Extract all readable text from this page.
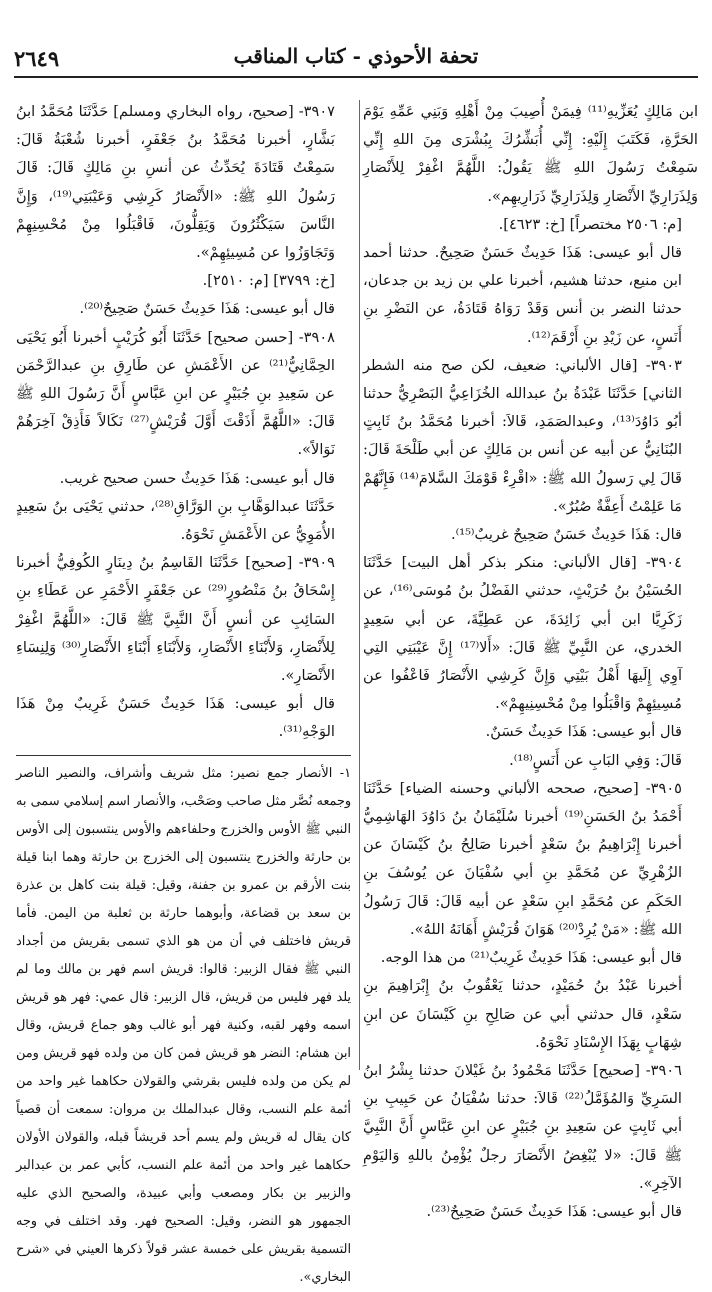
تحفة الأحوذي - كتاب المناقب
٢٦٤٩

ابن مَالِكٍ يُعَزِّيهِ⁽¹¹⁾ فِيمَنْ أُصِيبَ مِنْ أَهْلِهِ وَبَنِي عَمِّهِ يَوْمَ الحَرَّةِ، فَكَتَبَ إِلَيْهِ: إِنِّي أُبَشِّرُكَ بِبُشْرَى مِنَ اللهِ إِنِّي سَمِعْتُ رَسُولَ اللهِ ﷺ يَقُولُ: اللَّهُمَّ اغْفِرْ لِلأَنْصَارِ وَلِذَرَارِيِّ الأَنْصَارِ وَلِذَرَارِيِّ ذَرَارِيهِم».

[م: ٢٥٠٦ مختصراً] [خ: ٤٦٢٣].

قال أبو عيسى: هَذَا حَدِيثٌ حَسَنٌ صَحِيحٌ. حدثنا أحمد ابن منيع، حدثنا هشيم، أخبرنا علي بن زيد بن جدعان، حدثنا النضر بن أنس وَقَدْ رَوَاهُ قَتَادَةُ، عن النَضْرِ بنِ أَنَسٍ، عن زَيْدِ بنِ أَرْقَمَ⁽¹²⁾.

٣٩٠٣- [قال الألباني: ضعيف، لكن صح منه الشطر الثاني] حَدَّثَنَا عَبْدَةُ بنُ عبدالله الخُزَاعِيُّ البَصْرِيُّ حدثنا أبُو دَاوُدَ⁽¹³⁾، وعبدالصَمَدِ، قَالاَ: أخبرنا مُحَمَّدُ بنُ ثَابِتٍ البُنَانِيُّ عن أبيه عن أنس بن مَالِكٍ عن أبي طَلْحَةَ قَالَ: قَالَ لِي رَسولُ الله ﷺ: «اقْرِءْ قَوْمَكَ السَّلامَ⁽¹⁴⁾ فَإِنَّهُمْ مَا عَلِمْتُ أَعِفَّةٌ صُبُرٌ».

قال: هَذَا حَدِيثٌ حَسَنٌ صَحِيحٌ غريبٌ⁽¹⁵⁾.

٣٩٠٤- [قال الألباني: منكر بذكر أهل البيت] حَدَّثَنَا الحُسَيْنُ بنُ حُرَيْثٍ، حدثني الفَضْلُ بنُ مُوسَى⁽¹⁶⁾، عن زَكَرِيَّا ابن أبي زَائِدَةَ، عن عَطِيَّةَ، عن أبي سَعِيدٍ الخدري، عن النَّبِيِّ ﷺ قَالَ: «أَلا⁽¹⁷⁾ إِنَّ عَيْبَتِي التِي آوِي إِلَيهَا أَهْلُ بَيْتِي وَإِنَّ كَرِشِي الأَنْصَارُ فَاعْفُوا عن مُسِيئِهِمْ وَاقْبَلُوا مِنْ مُحْسِنِيهِمْ».

قال أبو عيسى: هَذَا حَدِيثٌ حَسَنٌ.

قَالَ: وَفِي البَابِ عن أَنَسٍ⁽¹⁸⁾.

٣٩٠٥- [صحيح، صححه الألباني وحسنه الضياء] حَدَّثَنَا أَحْمَدُ بنُ الحَسَنِ⁽¹⁹⁾ أخبرنا سُلَيْمَانُ بنُ دَاوُدَ الهَاشِمِيُّ أخبرنا إِبْرَاهِيمُ بنُ سَعْدٍ أخبرنا صَالِحُ بنُ كَيْسَانَ عن الزُهْرِيِّ عن مُحَمَّدِ بنِ أبي سُفْيَانَ عن يُوسُفَ بنِ الحَكَمِ عن مُحَمَّدِ ابنِ سَعْدٍ عن أبيه قَالَ: قَالَ رَسُولُ الله ﷺ: «مَنْ يُرِدْ⁽²⁰⁾ هَوَانَ قُرَيْشٍ أَهَانَهُ اللهُ».

قال أبو عيسى: هَذَا حَدِيثٌ غَرِيبٌ⁽²¹⁾ من هذا الوجه.

أخبرنا عَبْدُ بنُ حُمَيْدٍ، حدثنا يَعْقُوبُ بنُ إِبْرَاهِيمَ بنِ سَعْدٍ، قال حدثني أبي عن صَالِحِ بنِ كَيْسَانَ عن ابنِ شِهَابٍ بِهَذَا الإِسْنَادِ نَحْوَهُ.

٣٩٠٦- [صحيح] حَدَّثَنَا مَحْمُودُ بنُ غَيْلانَ حدثنا بِشْرُ ابنُ السَرِيِّ وَالمُؤَمَّلُ⁽²²⁾ قَالاَ: حدثنا سُفْيَانُ عن حَبِيبِ بنِ أبي ثَابِتٍ عن سَعِيدِ بنِ جُبَيْرٍ عن ابنِ عَبَّاسٍ أَنَّ النَّبِيَّ ﷺ قَالَ: «لا يُبْغِضُ الأَنْصَارَ رجلٌ يُؤْمِنُ باللهِ وَاليَوْمِ الآخِرِ».

قال أبو عيسى: هَذَا حَدِيثٌ حَسَنٌ صَحِيحٌ⁽²³⁾.

٣٩٠٧- [صحيح، رواه البخاري ومسلم] حَدَّثَنَا مُحَمَّدُ ابنُ بَشَّارٍ، أخبرنا مُحَمَّدُ بنُ جَعْفَرٍ، أخبرنا شُعْبَةُ قَالَ: سَمِعْتُ قَتَادَةَ يُحَدِّثُ عن أنسِ بنِ مَالِكٍ قَالَ: قَالَ رَسُولُ اللهِ ﷺ: «الأَنْصَارُ كَرِشِي وَعَيْبَتِي⁽¹⁹⁾، وَإِنَّ النَّاسَ سَيَكْثُرُونَ وَيَقِلُّونَ، فَاقْبَلُوا مِنْ مُحْسِنِهِمْ وَتَجَاوَزُوا عن مُسِيئِهِمْ».

[خ: ٣٧٩٩] [م: ٢٥١٠].

قال أبو عيسى: هَذَا حَدِيثٌ حَسَنٌ صَحِيحٌ⁽²⁰⁾.

٣٩٠٨- [حسن صحيح] حَدَّثَنَا أَبُو كُرَيْبٍ أخبرنا أَبُو يَحْيَى الحِمَّانِيُّ⁽²¹⁾ عن الأَعْمَشِ عن طَارِقِ بنِ عبدالرَّحْمَن عن سَعِيدِ بنِ جُبَيْرٍ عن ابنِ عَبَّاسٍ أَنَّ رَسُولَ اللهِ ﷺ قَالَ: «اللَّهُمَّ أَذَقْتَ أَوَّلَ قُرَيْشٍ⁽²⁷⁾ نَكَالاً فَأَذِقْ آخِرَهُمْ نَوَالاً».

قال أبو عيسى: هَذَا حَدِيثٌ حسن صحيح غريب.

حَدَّثَنَا عبدالوَهَّابِ بنِ الوَرَّاقِ⁽²⁸⁾، حدثني يَحْيَى بنُ سَعِيدٍ الأُمَوِيُّ عن الأَعْمَشِ نَحْوَهُ.

٣٩٠٩- [صحيح] حَدَّثَنَا القَاسِمُ بنُ دِينَارٍ الكُوفِيُّ أخبرنا إِسْحَاقُ بنُ مَنْصُورٍ⁽²⁹⁾ عن جَعْفَرٍ الأَحْمَرِ عن عَطَاءِ بنِ السَائِبِ عن أنسٍ أَنَّ النَّبِيَّ ﷺ قَالَ: «اللَّهُمَّ اغْفِرْ لِلأَنْصَارِ، وَلأَبْنَاءِ الأَنْصَارِ، وَلأَبْنَاءِ أَبْنَاءِ الأَنْصَارِ⁽³⁰⁾ وَلِنِسَاءِ الأَنْصَارِ».

قال أبو عيسى: هَذَا حَدِيثٌ حَسَنٌ غَرِيبٌ مِنْ هَذَا الوَجْهِ⁽³¹⁾.

١- الأنصار جمع نصير: مثل شريف وأشراف، والنصير الناصر وجمعه نُصَّر مثل صاحب وصَحْب، والأنصار اسم إسلامي سمى به النبي ﷺ الأوس والخزرج وحلفاءهم والأوس ينتسبون إلى الأوس بن حارثة والخزرج ينتسبون إلى الخزرج بن حارثة وهما ابنا قيلة بنت الأرقم بن عمرو بن جفنة، وقيل: قيلة بنت كاهل بن عذرة بن سعد بن قضاعة، وأبوهما حارثة بن ثعلبة من اليمن. فأما قريش فاختلف في أن من هو الذي تسمى بقريش من أجداد النبي ﷺ فقال الزبير: قالوا: قريش اسم فهر بن مالك وما لم يلد فهر فليس من قريش، قال الزبير: قال عمي: فهر هو قريش اسمه وفهر لقبه، وكنية فهر أبو غالب وهو جماع قريش، وقال ابن هشام: النضر هو قريش فمن كان من ولده فهو قريش ومن لم يكن من ولده فليس بقرشي والقولان حكاهما غير واحد من أئمة علم النسب، وقال عبدالملك بن مروان: سمعت أن قصياً كان يقال له قريش ولم يسم أحد قريشاً قبله، والقولان الأولان حكاهما غير واحد من أئمة علم النسب، كأبي عمر بن عبدالبر والزبير بن بكار ومصعب وأبي عبيدة، والصحيح الذي عليه الجمهور هو النضر، وقيل: الصحيح فهر. وقد اختلف في وجه التسمية بقريش على خمسة عشر قولاً ذكرها العيني في «شرح البخاري».
